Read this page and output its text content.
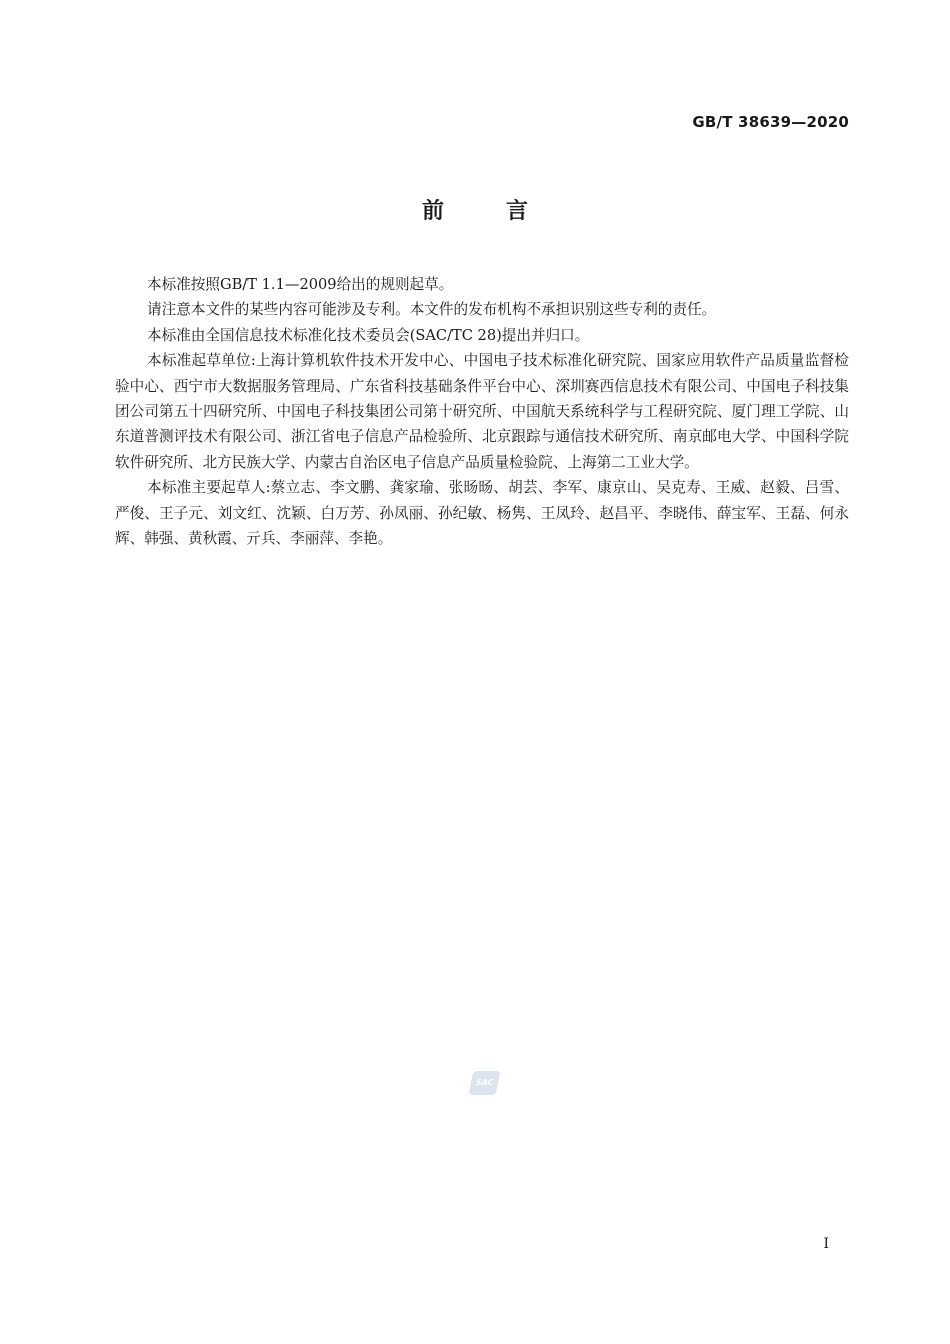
GB/T 38639—2020
前言

本标准按照GB/T 1.1—2009给出的规则起草。

请注意本文件的某些内容可能涉及专利。本文件的发布机构不承担识别这些专利的责任。

本标准由全国信息技术标准化技术委员会(SAC/TC 28)提出并归口。

本标准起草单位:上海计算机软件技术开发中心、中国电子技术标准化研究院、国家应用软件产品质量监督检验中心、西宁市大数据服务管理局、广东省科技基础条件平台中心、深圳赛西信息技术有限公司、中国电子科技集团公司第五十四研究所、中国电子科技集团公司第十研究所、中国航天系统科学与工程研究院、厦门理工学院、山东道普测评技术有限公司、浙江省电子信息产品检验所、北京跟踪与通信技术研究所、南京邮电大学、中国科学院软件研究所、北方民族大学、内蒙古自治区电子信息产品质量检验院、上海第二工业大学。

本标准主要起草人:蔡立志、李文鹏、龚家瑜、张旸旸、胡芸、李军、康京山、吴克寿、王威、赵毅、吕雪、严俊、王子元、刘文红、沈颖、白万芳、孙凤丽、孙纪敏、杨隽、王凤玲、赵昌平、李晓伟、薛宝军、王磊、何永辉、韩强、黄秋霞、亓兵、李丽萍、李艳。

SAC
I
